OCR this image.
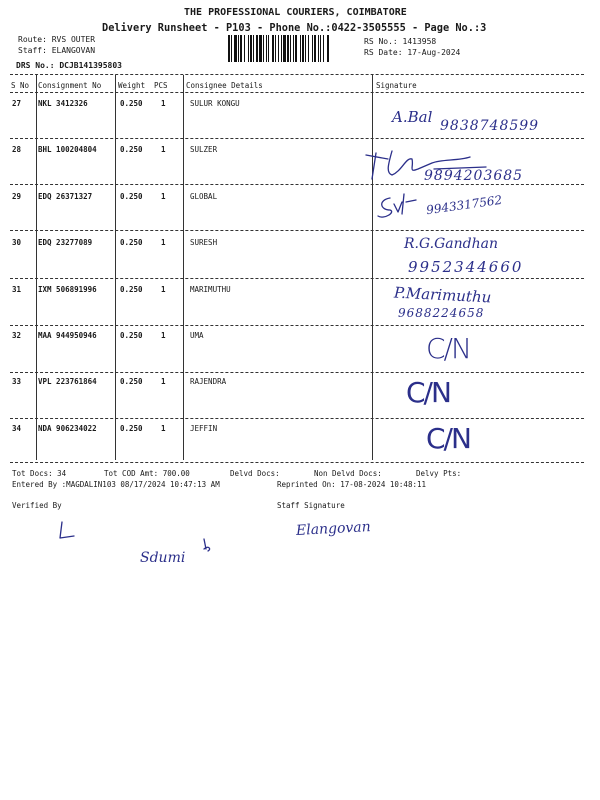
THE PROFESSIONAL COURIERS, COIMBATORE
Delivery Runsheet - P103 - Phone No.:0422-3505555 - Page No.:3
Route: RVS OUTER
Staff: ELANGOVAN
DRS No.: DCJB141395803
RS No.: 1413958
RS Date: 17-Aug-2024
S No Consignment No Weight PCS Consignee Details	Signature
27 NKL 3412326	0.250 1	SULUR KONGU
A.Bal 9838748599
28 BHL 100204804	0.250 1	SULZER
9894203685
29 EDQ 26371327	0.250 1	GLOBAL	9943317562
30 EDQ 23277089	0.250 1	SURESH	R.G.Gandhan
9952344660
31 IXM 506891996	0.250 1	MARIMUTHU	P.Marimuthu
9688224658
32 MAA 944950946	0.250 1	UMA	C/N
33 VPL 223761864	0.250 1	RAJENDRA	C/N
34 NDA 906234022	0.250 1	JEFFIN	C/N
Tot Docs: 34	Tot COD Amt: 700.00	Delvd Docs:	Non Delvd Docs:	Delvy Pts:
Entered By :MAGDALIN103 08/17/2024 10:47:13 AM	Reprinted On: 17-08-2024 10:48:11
Verified By	Staff Signature
Sdumi
Elangovan
